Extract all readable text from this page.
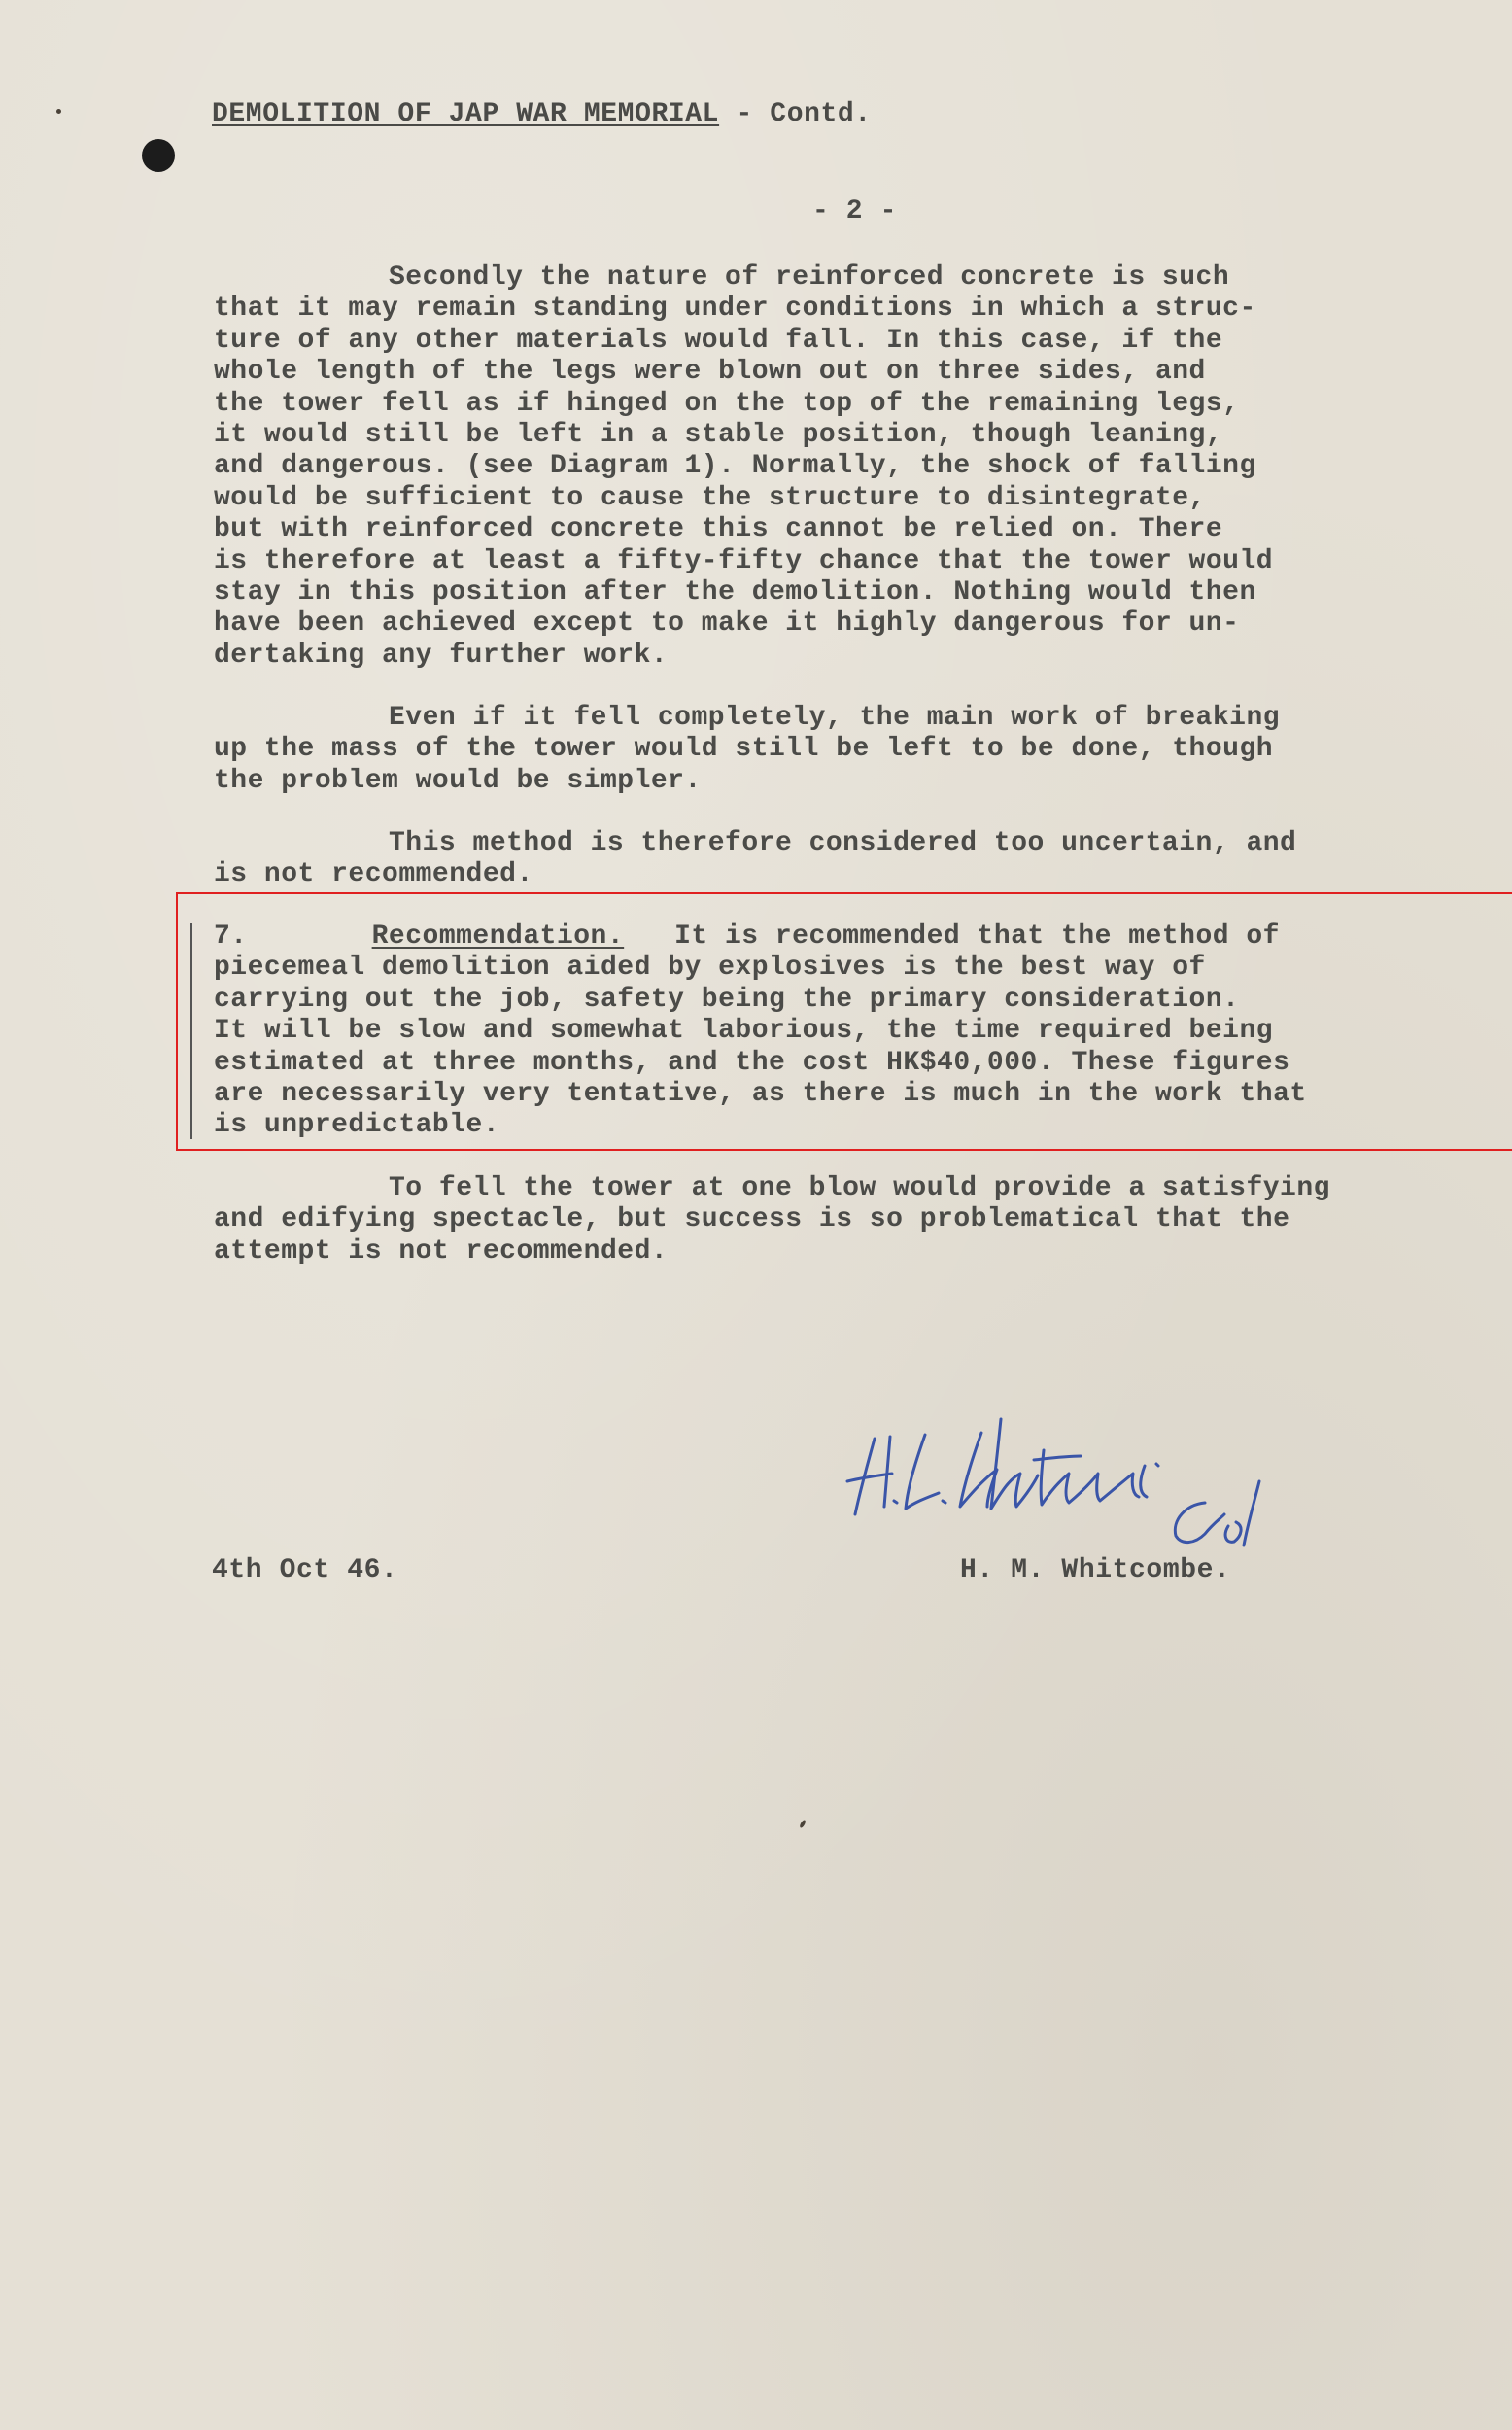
DEMOLITION OF JAP WAR MEMORIAL - Contd.
- 2 -
Secondly the nature of reinforced concrete is such
that it may remain standing under conditions in which a struc-
ture of any other materials would fall. In this case, if the
whole length of the legs were blown out on three sides, and
the tower fell as if hinged on the top of the remaining legs,
it would still be left in a stable position, though leaning,
and dangerous. (see Diagram 1). Normally, the shock of falling
would be sufficient to cause the structure to disintegrate,
but with reinforced concrete this cannot be relied on. There
is therefore at least a fifty-fifty chance that the tower would
stay in this position after the demolition. Nothing would then
have been achieved except to make it highly dangerous for un-
dertaking any further work.
Even if it fell completely, the main work of breaking
up the mass of the tower would still be left to be done, though
the problem would be simpler.
This method is therefore considered too uncertain, and
is not recommended.
7.	Recommendation.   It is recommended that the method of
piecemeal demolition aided by explosives is the best way of
carrying out the job, safety being the primary consideration.
It will be slow and somewhat laborious, the time required being
estimated at three months, and the cost HK$40,000. These figures
are necessarily very tentative, as there is much in the work that
is unpredictable.
To fell the tower at one blow would provide a satisfying
and edifying spectacle, but success is so problematical that the
attempt is not recommended.
4th Oct 46.	H. M. Whitcombe.
